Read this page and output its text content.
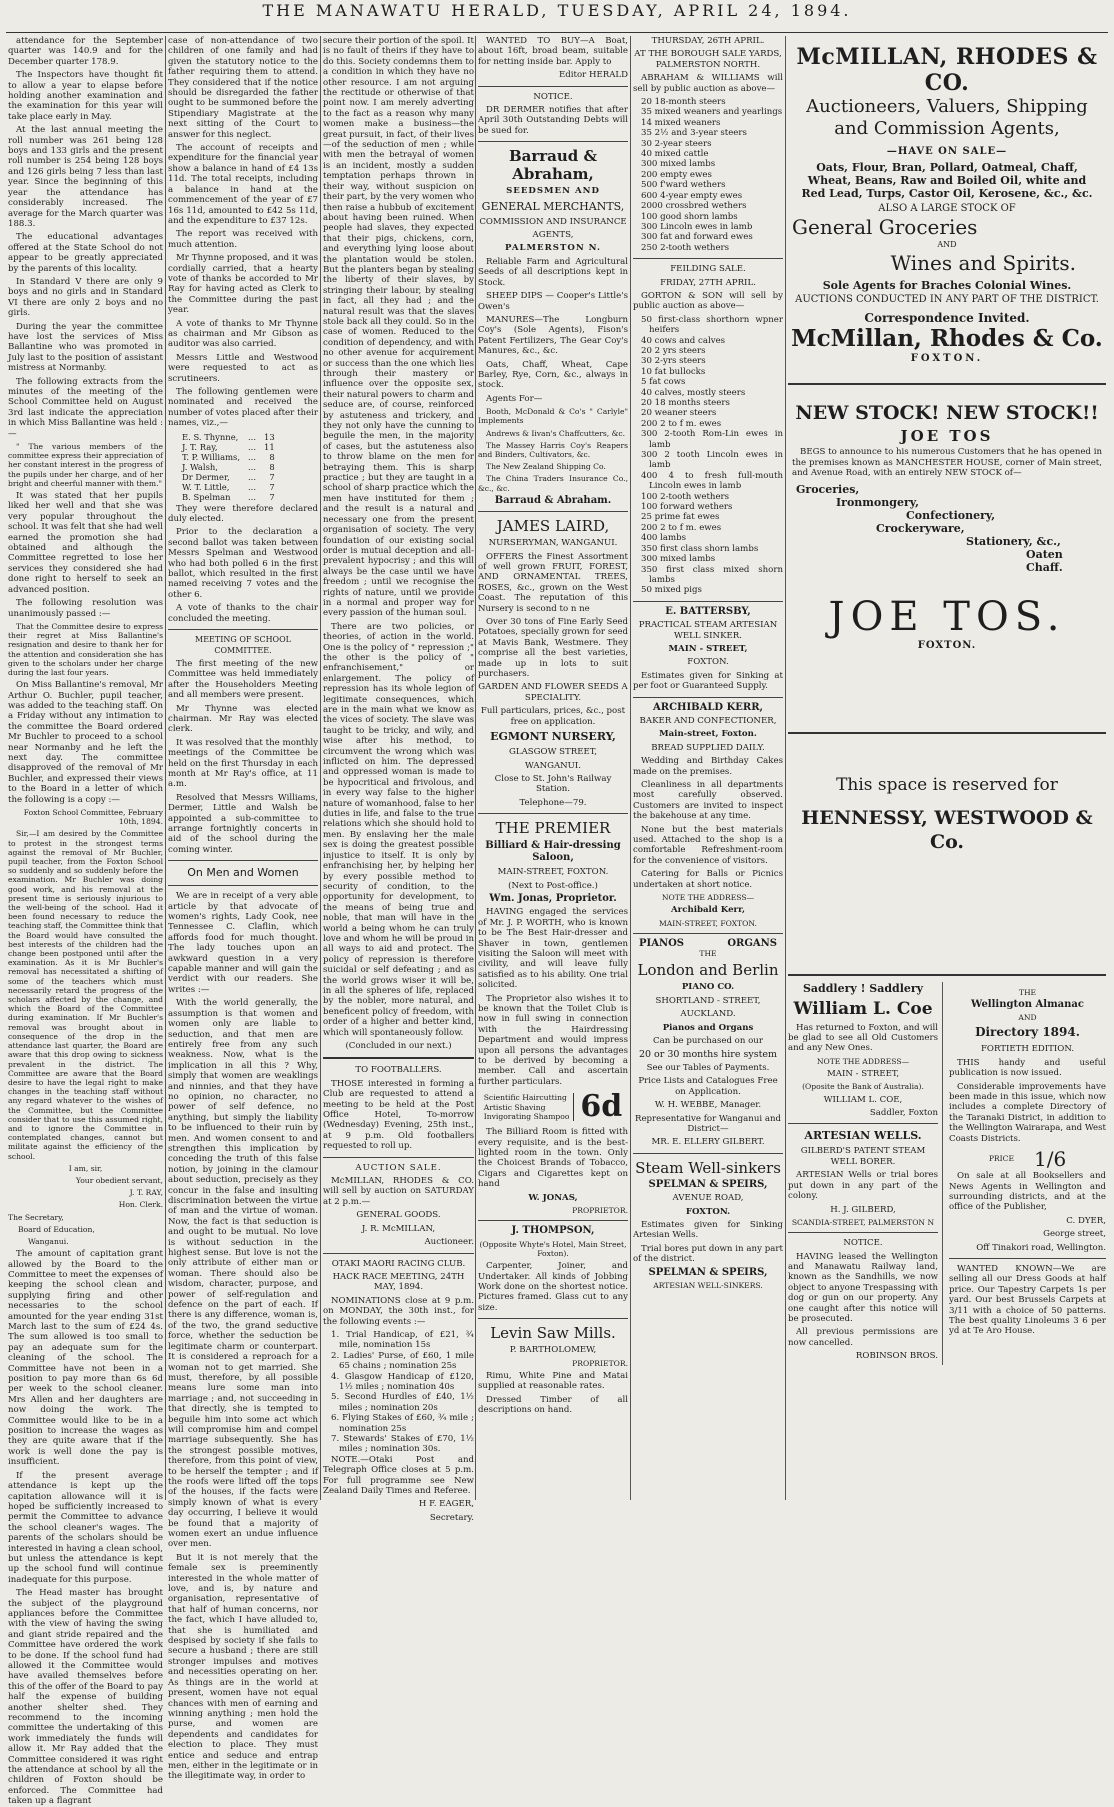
THE MANAWATU HERALD, TUESDAY, APRIL 24, 1894.

attendance for the September quarter was 140.9 and for the December quarter 178.9.

The Inspectors have thought fit to allow a year to elapse before holding another examination and the examination for this year will take place early in May.

At the last annual meeting the roll number was 261 being 128 boys and 133 girls and the present roll number is 254 being 128 boys and 126 girls being 7 less than last year. Since the beginning of this year the attendance has considerably increased. The average for the March quarter was 188.3.

The educational advantages offered at the State School do not appear to be greatly appreciated by the parents of this locality.

In Standard V there are only 9 boys and no girls and in Standard VI there are only 2 boys and no girls.

During the year the committee have lost the services of Miss Ballantine who was promoted in July last to the position of assistant mistress at Normanby.

The following extracts from the minutes of the meeting of the School Committee held on August 3rd last indicate the appreciation in which Miss Ballantine was held :—

" The various members of the committee express their appreciation of her constant interest in the progress of the pupils under her charge, and of her bright and cheerful manner with them."

It was stated that her pupils liked her well and that she was very popular throughout the school. It was felt that she had well earned the promotion she had obtained and although the Committee regretted to lose her services they considered she had done right to herself to seek an advanced position.

The following resolution was unanimously passed :—

That the Committee desire to express their regret at Miss Ballantine's resignation and desire to thank her for the attention and consideration she has given to the scholars under her charge during the last four years.

On Miss Ballantine's removal, Mr Arthur O. Buchler, pupil teacher, was added to the teaching staff. On a Friday without any intimation to the committee the Board ordered Mr Buchler to proceed to a school near Normanby and he left the next day. The committee disapproved of the removal of Mr Buchler, and expressed their views to the Board in a letter of which the following is a copy :—

Foxton School Committee, February 10th, 1894.

Sir,—I am desired by the Committee to protest in the strongest terms against the removal of Mr Buchler, pupil teacher, from the Foxton School so suddenly and so suddenly before the examination. Mr Buchler was doing good work, and his removal at the present time is seriously injurious to the well-being of the school. Had it been found necessary to reduce the teaching staff, the Committee think that the Board would have consulted the best interests of the children had the change been postponed until after the examination. As it is Mr Buchler's removal has necessitated a shifting of some of the teachers which must necessarily retard the progress of the scholars affected by the change, and which the Board of the Committee during examination. If Mr Buchler's removal was brought about in consequence of the drop in the attendance last quarter, the Board are aware that this drop owing to sickness prevalent in the district. The Committee are aware that the Board desire to have the legal right to make changes in the teaching staff without any regard whatever to the wishes of the Committee, but the Committee consider that to use this assumed right, and to ignore the Committee in contemplated changes, cannot but militate against the efficiency of the school.

I am, sir,

Your obedient servant,

J. T. RAY,

Hon. Clerk.

The Secretary,

Board of Education,

Wanganui.

The amount of capitation grant allowed by the Board to the Committee to meet the expenses of keeping the school clean and supplying firing and other necessaries to the school amounted for the year ending 31st March last to the sum of £24 4s. The sum allowed is too small to pay an adequate sum for the cleaning of the school. The Committee have not been in a position to pay more than 6s 6d per week to the school cleaner. Mrs Allen and her daughters are now doing the work. The Committee would like to be in a position to increase the wages as they are quite aware that if the work is well done the pay is insufficient.

If the present average attendance is kept up the capitation allowance will it is hoped be sufficiently increased to permit the Committee to advance the school cleaner's wages. The parents of the scholars should be interested in having a clean school, but unless the attendance is kept up the school fund will continue inadequate for this purpose.

The Head master has brought the subject of the playground appliances before the Committee with the view of having the swing and giant stride repaired and the Committee have ordered the work to be done. If the school fund had allowed it the Committee would have availed themselves before this of the offer of the Board to pay half the expense of building another shelter shed. They recommend to the incoming committee the undertaking of this work immediately the funds will allow it. Mr Ray added that the Committee considered it was right the attendance at school by all the children of Foxton should be enforced. The Committee had taken up a flagrant

case of non-attendance of two children of one family and had given the statutory notice to the father requiring them to attend. They considered that if the notice should be disregarded the father ought to be summoned before the Stipendiary Magistrate at the next sitting of the Court to answer for this neglect.

The account of receipts and expenditure for the financial year show a balance in hand of £4 13s 11d. The total receipts, including a balance in hand at the commencement of the year of £7 16s 11d, amounted to £42 5s 11d, and the expenditure to £37 12s.

The report was received with much attention.

Mr Thynne proposed, and it was cordially carried, that a hearty vote of thanks be accorded to Mr Ray for having acted as Clerk to the Committee during the past year.

A vote of thanks to Mr Thynne as chairman and Mr Gibson as auditor was also carried.

Messrs Little and Westwood were requested to act as scrutineers.

The following gentlemen were nominated and received the number of votes placed after their names, viz.,—

E. S. Thynne,	...	13
J. T. Ray,	...	11
T. P. Williams,	...	8
J. Walsh,	...	8
Dr Dermer,	...	7
W. T. Little,	...	7
B. Spelman	...	7

They were therefore declared duly elected.

Prior to the declaration a second ballot was taken between Messrs Spelman and Westwood who had both polled 6 in the first ballot, which resulted in the first named receiving 7 votes and the other 6.

A vote of thanks to the chair concluded the meeting.

MEETING OF SCHOOL COMMITTEE.

The first meeting of the new Committee was held immediately after the Householders Meeting and all members were present.

Mr Thynne was elected chairman. Mr Ray was elected clerk.

It was resolved that the monthly meetings of the Committee be held on the first Thursday in each month at Mr Ray's office, at 11 a.m.

Resolved that Messrs Williams, Dermer, Little and Walsh be appointed a sub-committee to arrange fortnightly concerts in aid of the school during the coming winter.

On Men and Women

We are in receipt of a very able article by that advocate of women's rights, Lady Cook, nee Tennessee C. Claflin, which affords food for much thought. The lady touches upon an awkward question in a very capable manner and will gain the verdict with our readers. She writes :—

With the world generally, the assumption is that women and women only are liable to seduction, and that men are entirely free from any such weakness. Now, what is the implication in all this ? Why, simply that women are weaklings and ninnies, and that they have no opinion, no character, no power of self defence, no anything, but simply the liability to be influenced to their ruin by men. And women consent to and strengthen this implication by conceding the truth of this false notion, by joining in the clamour about seduction, precisely as they concur in the false and insulting discrimination between the virtue of man and the virtue of woman. Now, the fact is that seduction is and ought to be mutual. No love is without seduction in the highest sense. But love is not the only attribute of either man or woman. There should also be wisdom, character, purpose, and power of self-regulation and defence on the part of each. If there is any difference, woman is, of the two, the grand seductive force, whether the seduction be legitimate charm or counterpart. It is considered a reproach for a woman not to get married. She must, therefore, by all possible means lure some man into marriage ; and, not succeeding in that directly, she is tempted to beguile him into some act which will compromise him and compel marriage subsequently. She has the strongest possible motives, therefore, from this point of view, to be herself the tempter ; and if the roofs were lifted off the tops of the houses, if the facts were simply known of what is every day occurring, I believe it would be found that a majority of women exert an undue influence over men.

But it is not merely that the female sex is preeminently interested in the whole matter of love, and is, by nature and organisation, representative of that half of human concerns, nor the fact, which I have alluded to, that she is humiliated and despised by society if she fails to secure a husband ; there are still stronger impulses and motives and necessities operating on her. As things are in the world at present, women have not equal chances with men of earning and winning anything ; men hold the purse, and women are dependents and candidates for election to place. They must entice and seduce and entrap men, either in the legitimate or in the illegitimate way, in order to

secure their portion of the spoil. It is no fault of theirs if they have to do this. Society condemns them to a condition in which they have no other resource. I am not arguing the rectitude or otherwise of that point now. I am merely adverting to the fact as a reason why many women make a business—the great pursuit, in fact, of their lives—of the seduction of men ; while with men the betrayal of women is an incident, mostly a sudden temptation perhaps thrown in their way, without suspicion on their part, by the very women who then raise a hubbub of excitement about having been ruined. When people had slaves, they expected that their pigs, chickens, corn, and everything lying loose about the plantation would be stolen. But the planters began by stealing the liberty of their slaves, by stringing their labour, by stealing in fact, all they had ; and the natural result was that the slaves stole back all they could. So in the case of women. Reduced to the condition of dependency, and with no other avenue for acquirement or success than the one which lies through their mastery or influence over the opposite sex, their natural powers to charm and seduce are, of course, reinforced by astuteness and trickery, and they not only have the cunning to beguile the men, in the majority of cases, but the astuteness also to throw blame on the men for betraying them. This is sharp practice ; but they are taught in a school of sharp practice which the men have instituted for them ; and the result is a natural and necessary one from the present organisation of society. The very foundation of our existing social order is mutual deception and all-prevalent hypocrisy ; and this will always be the case until we have freedom ; until we recognise the rights of nature, until we provide in a normal and proper way for every passion of the human soul.

There are two policies, or theories, of action in the world. One is the policy of " repression ;" the other is the policy of " enfranchisement," or enlargement. The policy of repression has its whole legion of legitimate consequences, which are in the main what we know as the vices of society. The slave was taught to be tricky, and wily, and wise after his method, to circumvent the wrong which was inflicted on him. The depressed and oppressed woman is made to be hypocritical and frivolous, and in every way false to the higher nature of womanhood, false to her duties in life, and false to the true relations which she should hold to men. By enslaving her the male sex is doing the greatest possible injustice to itself. It is only by enfranchising her, by helping her by every possible method to security of condition, to the opportunity for development, to the means of being true and noble, that man will have in the world a being whom he can truly love and whom he will be proud in all ways to aid and protect. The policy of repression is therefore suicidal or self defeating ; and as the world grows wiser it will be, in all the spheres of life, replaced by the nobler, more natural, and beneficent policy of freedom, with order of a higher and better kind, which will spontaneously follow.

(Concluded in our next.)

TO FOOTBALLERS.

THOSE interested in forming a Club are requested to attend a meeting to be held at the Post Office Hotel, To-morrow (Wednesday) Evening, 25th inst., at 9 p.m. Old footballers requested to roll up.

AUCTION SALE.

McMILLAN, RHODES & CO. will sell by auction on SATURDAY at 2 p.m.—

GENERAL GOODS.

J. R. McMILLAN,

Auctioneer.

OTAKI MAORI RACING CLUB.

HACK RACE MEETING, 24TH MAY, 1894.

NOMINATIONS close at 9 p.m. on MONDAY, the 30th inst., for the following events :—

1. Trial Handicap, of £21, ¾ mile, nomination 15s
2. Ladies' Purse, of £60, 1 mile 65 chains ; nomination 25s
4. Glasgow Handicap of £120, 1½ miles ; nomination 40s
5. Second Hurdles of £40, 1½ miles ; nomination 20s
6. Flying Stakes of £60, ¾ mile ; nomination 25s
7. Stewards' Stakes of £70, 1½ miles ; nomination 30s.

NOTE.—Otaki Post and Telegraph Office closes at 5 p.m. For full programme see New Zealand Daily Times and Referee.

H F. EAGER,

Secretary.

WANTED TO BUY—A Boat, about 16ft, broad beam, suitable for netting inside bar. Apply to

Editor HERALD

NOTICE.

DR DERMER notifies that after April 30th Outstanding Debts will be sued for.

Barraud & Abraham,

SEEDSMEN AND

GENERAL MERCHANTS,

COMMISSION AND INSURANCE

AGENTS,

PALMERSTON N.

Reliable Farm and Agricultural Seeds of all descriptions kept in Stock.

SHEEP DIPS — Cooper's Little's Owen's

MANURES—The Longburn Coy's (Sole Agents), Fison's Patent Fertilizers, The Gear Coy's Manures, &c., &c.

Oats, Chaff, Wheat, Cape Barley, Rye, Corn, &c., always in stock.

Agents For—

Booth, McDonald & Co's " Carlyle" Implements

Andrews & Iivan's Chaffcutters, &c.

The Massey Harris Coy's Reapers and Binders, Cultivators, &c.

The New Zealand Shipping Co.

The China Traders Insurance Co., &c., &c.

Barraud & Abraham.

JAMES LAIRD,

NURSERYMAN, WANGANUI.

OFFERS the Finest Assortment of well grown FRUIT, FOREST, AND ORNAMENTAL TREES, ROSES, &c., grown on the West Coast. The reputation of this Nursery is second to n ne

Over 30 tons of Fine Early Seed Potatoes, specially grown for seed at Mavis Bank, Westmere. They comprise all the best varieties, made up in lots to suit purchasers.

GARDEN AND FLOWER SEEDS A SPECIALITY.

Full particulars, prices, &c., post free on application.

EGMONT NURSERY,

GLASGOW STREET,

WANGANUI.

Close to St. John's Railway Station.

Telephone—79.

THE PREMIER

Billiard & Hair-dressing Saloon,

MAIN-STREET, FOXTON.

(Next to Post-office.)

Wm. Jonas, Proprietor.

HAVING engaged the services of Mr. J. P. WORTH, who is known to be The Best Hair-dresser and Shaver in town, gentlemen visiting the Saloon will meet with civility, and will leave fully satisfied as to his ability. One trial solicited.

The Proprietor also wishes it to be known that the Toilet Club is now in full swing in connection with the Hairdressing Department and would impress upon all persons the advantages to be derived by becoming a member. Call and ascertain further particulars.

Scientific Haircutting
Artistic Shaving
Invigorating Shampoo 6d

The Billiard Room is fitted with every requisite, and is the best-lighted room in the town. Only the Choicest Brands of Tobacco, Cigars and Cigarettes kept on hand

W. JONAS,

PROPRIETOR.

J. THOMPSON,

(Opposite Whyte's Hotel, Main Street, Foxton).

Carpenter, Joiner, and Undertaker. All kinds of Jobbing Work done on the shortest notice. Pictures framed. Glass cut to any size.

Levin Saw Mills.

P. BARTHOLOMEW,

PROPRIETOR.

Rimu, White Pine and Matai supplied at reasonable rates.

Dressed Timber of all descriptions on hand.

THURSDAY, 26TH APRIL.

AT THE BOROUGH SALE YARDS, PALMERSTON NORTH.

ABRAHAM & WILLIAMS will sell by public auction as above—

20 18-month steers
35 mixed weaners and yearlings
14 mixed weaners
35 2½ and 3-year steers
30 2-year steers
40 mixed cattle
300 mixed lambs
200 empty ewes
500 f'ward wethers
600 4-year empty ewes
2000 crossbred wethers
100 good shorn lambs
300 Lincoln ewes in lamb
300 fat and forward ewes
250 2-tooth wethers

FEILDING SALE.

FRIDAY, 27TH APRIL.

GORTON & SON will sell by public auction as above—

50 first-class shorthorn wpner heifers
40 cows and calves
20 2 yrs steers
30 2-yrs steers
10 fat bullocks
5 fat cows
40 calves, mostly steers
20 18 months steers
20 weaner steers
200 2 to f m. ewes
300 2-tooth Rom-Lin ewes in lamb
300 2 tooth Lincoln ewes in lamb
400 4 to fresh full-mouth Lincoln ewes in lamb
100 2-tooth wethers
100 forward wethers
25 prime fat ewes
200 2 to f m. ewes
400 lambs
350 first class shorn lambs
300 mixed lambs
350 first class mixed shorn lambs
50 mixed pigs

E. BATTERSBY,

PRACTICAL STEAM ARTESIAN WELL SINKER.

MAIN - STREET,

FOXTON.

Estimates given for Sinking at per foot or Guaranteed Supply.

ARCHIBALD KERR,

BAKER AND CONFECTIONER,

Main-street, Foxton.

BREAD SUPPLIED DAILY.

Wedding and Birthday Cakes made on the premises.

Cleanliness in all departments most carefully observed. Customers are invited to inspect the bakehouse at any time.

None but the best materials used. Attached to the shop is a comfortable Refreshment-room for the convenience of visitors.

Catering for Balls or Picnics undertaken at short notice.

NOTE THE ADDRESS—

Archibald Kerr,

MAIN-STREET, FOXTON.

PIANOS	ORGANS

THE

London and Berlin

PIANO CO.

SHORTLAND - STREET,

AUCKLAND.

Pianos and Organs

Can be purchased on our

20 or 30 months hire system

See our Tables of Payments.

Price Lists and Catalogues Free on Application.

W. H. WEBBE, Manager.

Representative for Wanganui and District—

MR. E. ELLERY GILBERT.

Steam Well-sinkers

SPELMAN & SPEIRS,

AVENUE ROAD,

FOXTON.

Estimates given for Sinking Artesian Wells.

Trial bores put down in any part of the district.

SPELMAN & SPEIRS,

ARTESIAN WELL-SINKERS.

McMILLAN, RHODES & CO.
Auctioneers, Valuers, Shipping and Commission Agents,
—HAVE ON SALE—
Oats, Flour, Bran, Pollard, Oatmeal, Chaff, Wheat, Beans, Raw and Boiled Oil, white and Red Lead, Turps, Castor Oil, Kerosene, &c., &c.
ALSO A LARGE STOCK OF
General Groceries
AND
Wines and Spirits.
Sole Agents for Braches Colonial Wines.
AUCTIONS CONDUCTED IN ANY PART OF THE DISTRICT.
Correspondence Invited.
McMillan, Rhodes & Co.
FOXTON.
NEW STOCK! NEW STOCK!!
JOE TOS

BEGS to announce to his numerous Customers that he has opened in the premises known as MANCHESTER HOUSE, corner of Main street, and Avenue Road, with an entirely NEW STOCK of—

Groceries,
Ironmongery,
Confectionery,
Crockeryware,
Stationery, &c.,
Oaten Chaff.
JOE TOS.
FOXTON.
This space is reserved for
HENNESSY, WESTWOOD & Co.

Saddlery ! Saddlery

William L. Coe

Has returned to Foxton, and will be glad to see all Old Customers and any New Ones.

NOTE THE ADDRESS—

MAIN - STREET,

(Oposite the Bank of Australia).

WILLIAM L. COE,

Saddler, Foxton

ARTESIAN WELLS.

GILBERD'S PATENT STEAM WELL BORER.

ARTESIAN Wells or trial bores put down in any part of the colony.

H. J. GILBERD,

SCANDIA-STREET, PALMERSTON N

NOTICE.

HAVING leased the Wellington and Manawatu Railway land, known as the Sandhills, we now object to anyone Trespassing with dog or gun on our property. Any one caught after this notice will be prosecuted.

All previous permissions are now cancelled.

ROBINSON BROS.

THE

Wellington Almanac

AND

Directory 1894.

FORTIETH EDITION.

THIS handy and useful publication is now issued.

Considerable improvements have been made in this issue, which now includes a complete Directory of the Taranaki District, in addition to the Wellington Wairarapa, and West Coasts Districts.

PRICE 1/6

On sale at all Booksellers and News Agents in Wellington and surrounding districts, and at the office of the Publisher,

C. DYER,

George street,

Off Tinakori road, Wellington.

WANTED KNOWN—We are selling all our Dress Goods at half price. Our Tapestry Carpets 1s per yard. Our best Brussels Carpets at 3/11 with a choice of 50 patterns. The best quality Linoleums 3 6 per yd at Te Aro House.
